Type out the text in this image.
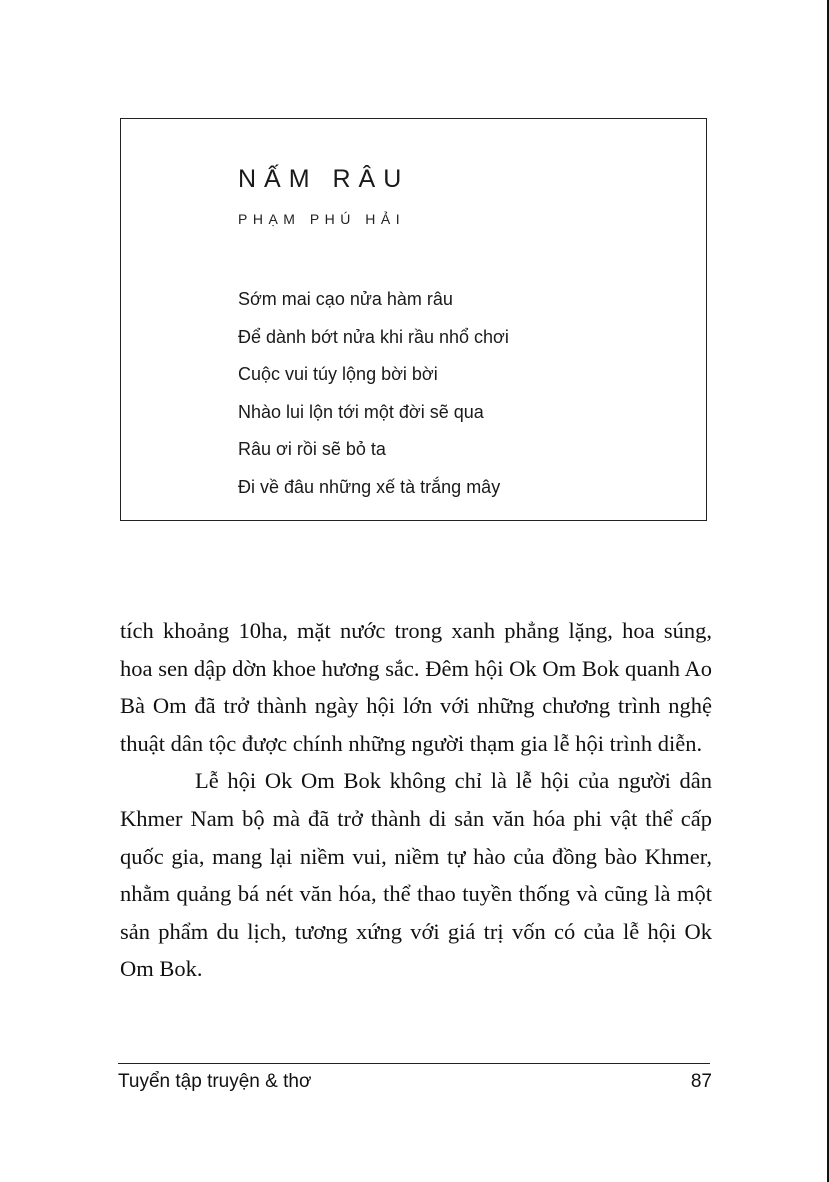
NẤM RÂU
PHẠM PHÚ HẢI
Sớm mai cạo nửa hàm râu
Để dành bớt nửa khi rầu nhổ chơi
Cuộc vui túy lộng bời bời
Nhào lui lộn tới một đời sẽ qua
Râu ơi rồi sẽ bỏ ta
Đi về đâu những xế tà trắng mây

tích khoảng 10ha, mặt nước trong xanh phẳng lặng, hoa súng, hoa sen dập dờn khoe hương sắc. Đêm hội Ok Om Bok quanh Ao Bà Om đã trở thành ngày hội lớn với những chương trình nghệ thuật dân tộc được chính những người thạm gia lễ hội trình diễn.

Lễ hội Ok Om Bok không chỉ là lễ hội của người dân Khmer Nam bộ mà đã trở thành di sản văn hóa phi vật thể cấp quốc gia, mang lại niềm vui, niềm tự hào của đồng bào Khmer, nhằm quảng bá nét văn hóa, thể thao tuyền thống và cũng là một sản phẩm du lịch, tương xứng với giá trị vốn có của lễ hội Ok Om Bok.

Tuyển tập truyện & thơ	87
